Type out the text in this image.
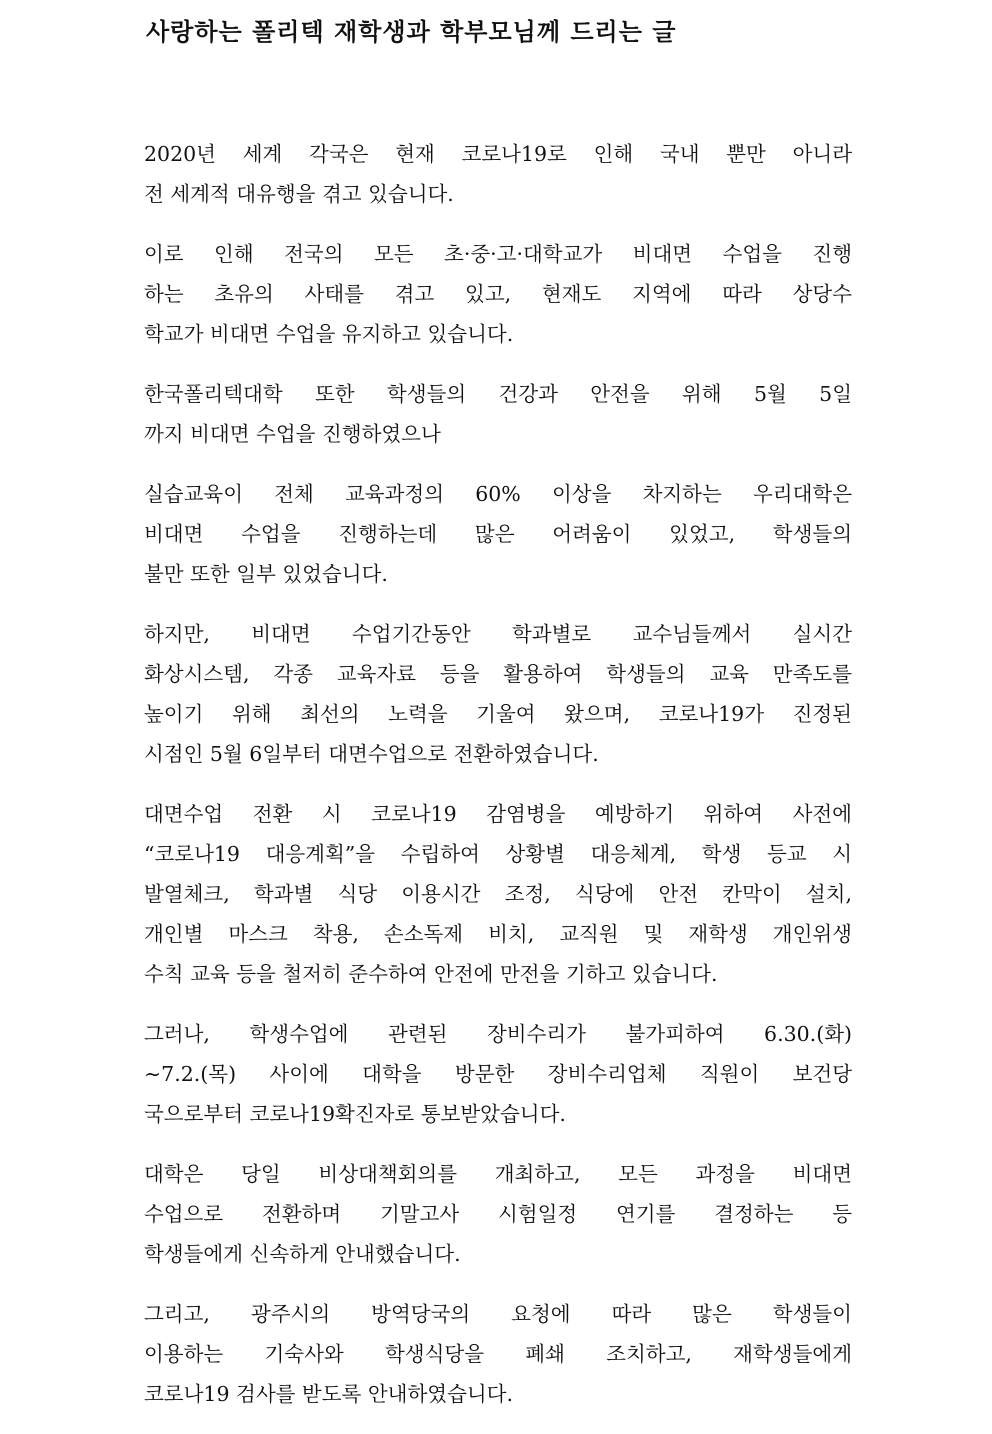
사랑하는 폴리텍 재학생과 학부모님께 드리는 글

2020년 세계 각국은 현재 코로나19로 인해 국내 뿐만 아니라
전 세계적 대유행을 겪고 있습니다.

이로 인해 전국의 모든 초·중·고·대학교가 비대면 수업을 진행
하는 초유의 사태를 겪고 있고, 현재도 지역에 따라 상당수
학교가 비대면 수업을 유지하고 있습니다.

한국폴리텍대학 또한 학생들의 건강과 안전을 위해 5월 5일
까지 비대면 수업을 진행하였으나

실습교육이 전체 교육과정의 60% 이상을 차지하는 우리대학은
비대면 수업을 진행하는데 많은 어려움이 있었고, 학생들의
불만 또한 일부 있었습니다.

하지만, 비대면 수업기간동안 학과별로 교수님들께서 실시간
화상시스템, 각종 교육자료 등을 활용하여 학생들의 교육 만족도를
높이기 위해 최선의 노력을 기울여 왔으며, 코로나19가 진정된
시점인 5월 6일부터 대면수업으로 전환하였습니다.

대면수업 전환 시 코로나19 감염병을 예방하기 위하여 사전에
“코로나19 대응계획”을 수립하여 상황별 대응체계, 학생 등교 시
발열체크, 학과별 식당 이용시간 조정, 식당에 안전 칸막이 설치,
개인별 마스크 착용, 손소독제 비치, 교직원 및 재학생 개인위생
수칙 교육 등을 철저히 준수하여 안전에 만전을 기하고 있습니다.

그러나, 학생수업에 관련된 장비수리가 불가피하여 6.30.(화)
∼7.2.(목) 사이에 대학을 방문한 장비수리업체 직원이 보건당
국으로부터 코로나19확진자로 통보받았습니다.

대학은 당일 비상대책회의를 개최하고, 모든 과정을 비대면
수업으로 전환하며 기말고사 시험일정 연기를 결정하는 등
학생들에게 신속하게 안내했습니다.

그리고, 광주시의 방역당국의 요청에 따라 많은 학생들이
이용하는 기숙사와 학생식당을 폐쇄 조치하고, 재학생들에게
코로나19 검사를 받도록 안내하였습니다.
